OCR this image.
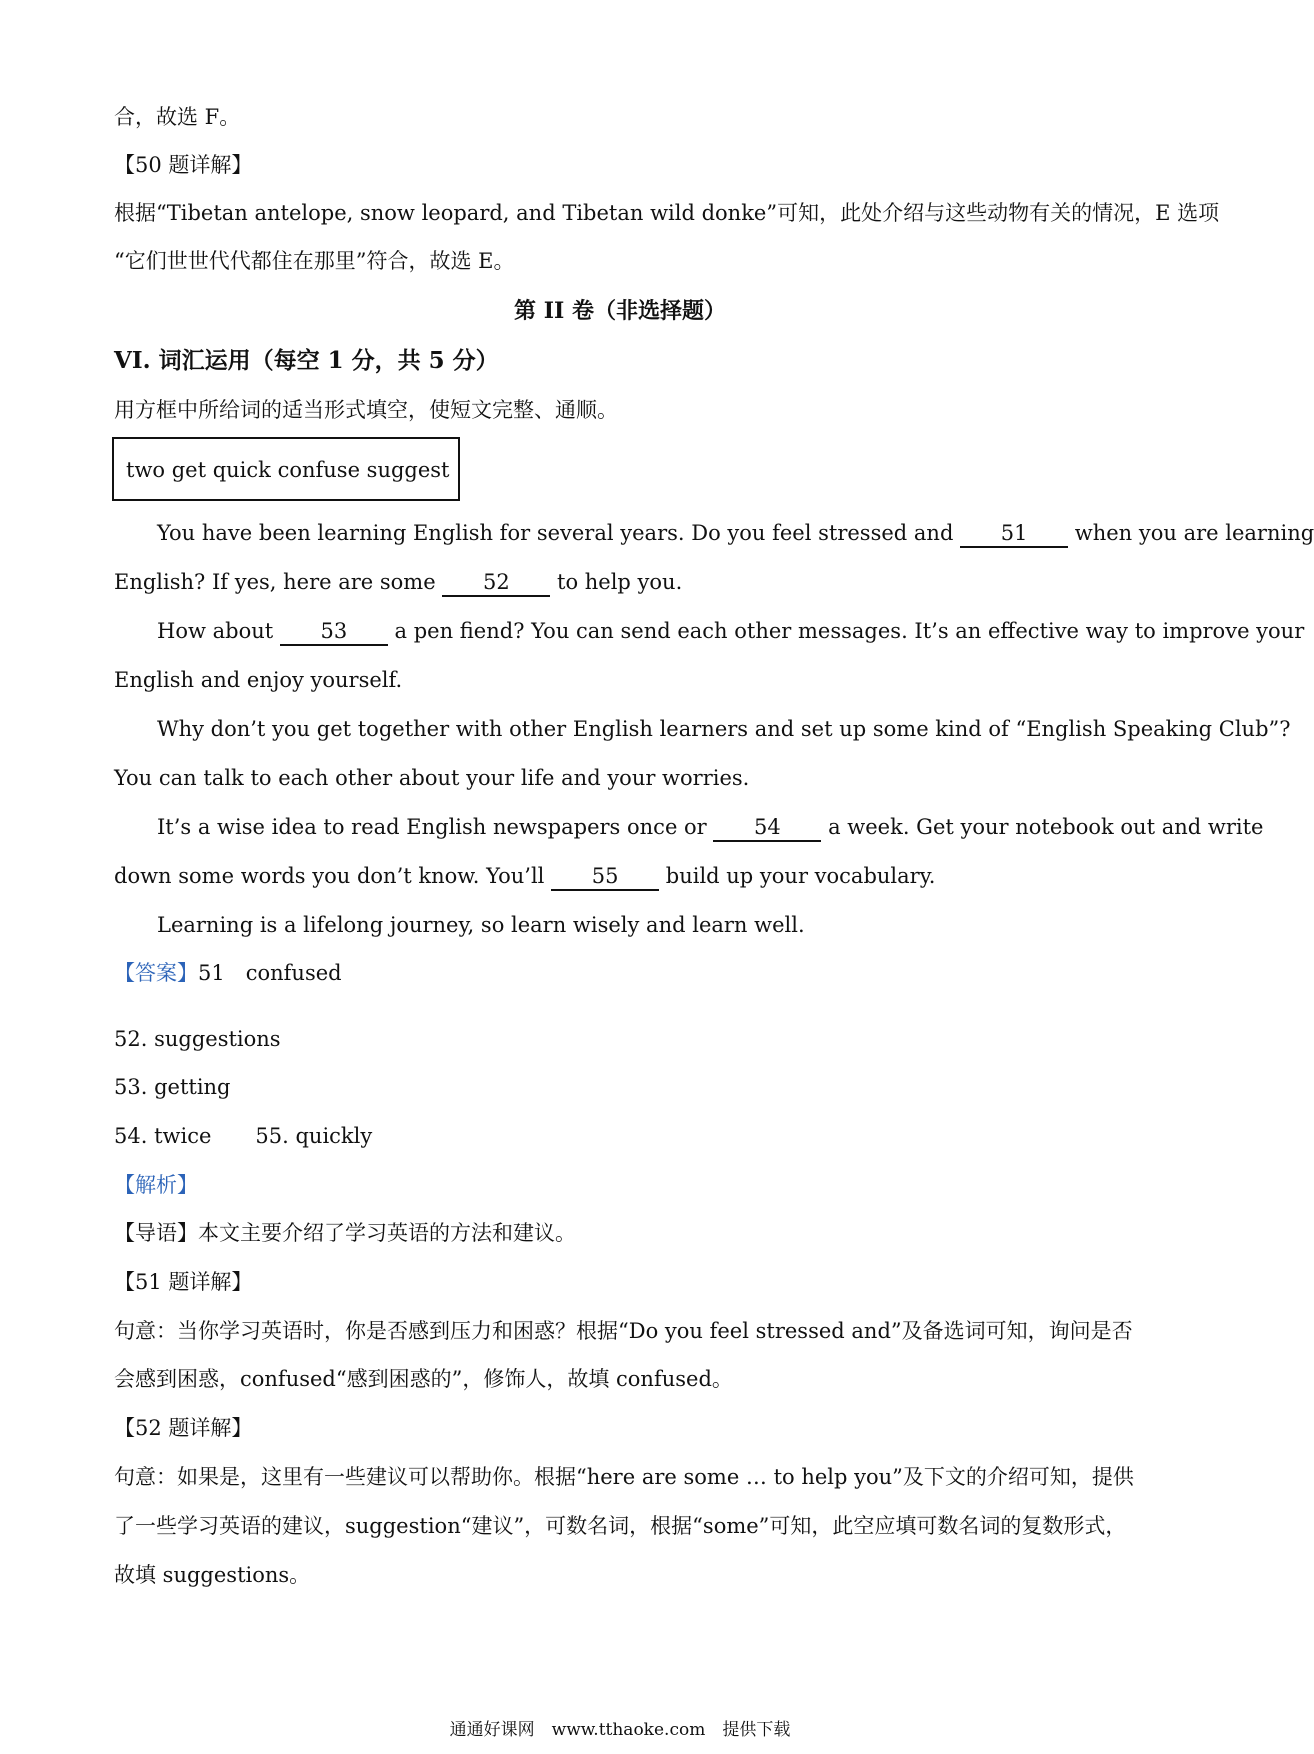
合，故选 F。
【50 题详解】
根据“Tibetan antelope, snow leopard, and Tibetan wild donke”可知，此处介绍与这些动物有关的情况，E 选项
“它们世世代代都住在那里”符合，故选 E。
第 II 卷（非选择题）
VI. 词汇运用（每空 1 分，共 5 分）
用方框中所给词的适当形式填空，使短文完整、通顺。
two get quick confuse suggest
You have been learning English for several years. Do you feel stressed and 51 when you are learning
English? If yes, here are some 52 to help you.
How about 53 a pen fiend? You can send each other messages. It’s an effective way to improve your
English and enjoy yourself.
Why don’t you get together with other English learners and set up some kind of “English Speaking Club”?
You can talk to each other about your life and your worries.
It’s a wise idea to read English newspapers once or 54 a week. Get your notebook out and write
down some words you don’t know. You’ll 55 build up your vocabulary.
Learning is a lifelong journey, so learn wisely and learn well.
【答案】51　confused
52. suggestions
53. getting
54. twice 55. quickly
【解析】
【导语】本文主要介绍了学习英语的方法和建议。
【51 题详解】
句意：当你学习英语时，你是否感到压力和困惑？根据“Do you feel stressed and”及备选词可知，询问是否
会感到困惑，confused“感到困惑的”，修饰人，故填 confused。
【52 题详解】
句意：如果是，这里有一些建议可以帮助你。根据“here are some … to help you”及下文的介绍可知，提供
了一些学习英语的建议，suggestion“建议”，可数名词，根据“some”可知，此空应填可数名词的复数形式，
故填 suggestions。
通通好课网　www.tthaoke.com　提供下载
